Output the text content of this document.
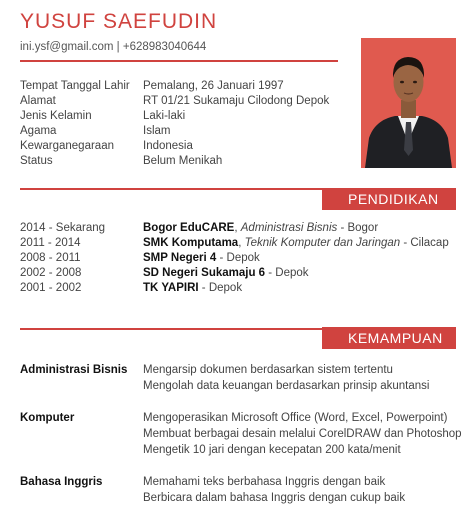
YUSUF SAEFUDIN
ini.ysf@gmail.com | +628983040644
Tempat Tanggal Lahir	Pemalang, 26 Januari 1997
Alamat	RT 01/21 Sukamaju Cilodong Depok
Jenis Kelamin	Laki-laki
Agama	Islam
Kewarganegaraan	Indonesia
Status	Belum Menikah
PENDIDIKAN
2014 - Sekarang	Bogor EduCARE, Administrasi Bisnis - Bogor
2011 - 2014	SMK Komputama, Teknik Komputer dan Jaringan - Cilacap
2008 - 2011	SMP Negeri 4 - Depok
2002 - 2008	SD Negeri Sukamaju 6 - Depok
2001 - 2002	TK YAPIRI - Depok
KEMAMPUAN
Administrasi Bisnis	Mengarsip dokumen berdasarkan sistem tertentu
Mengolah data keuangan berdasarkan prinsip akuntansi
Komputer	Mengoperasikan Microsoft Office (Word, Excel, Powerpoint)
Membuat berbagai desain melalui CorelDRAW dan Photoshop
Mengetik 10 jari dengan kecepatan 200 kata/menit
Bahasa Inggris	Memahami teks berbahasa Inggris dengan baik
Berbicara dalam bahasa Inggris dengan cukup baik
